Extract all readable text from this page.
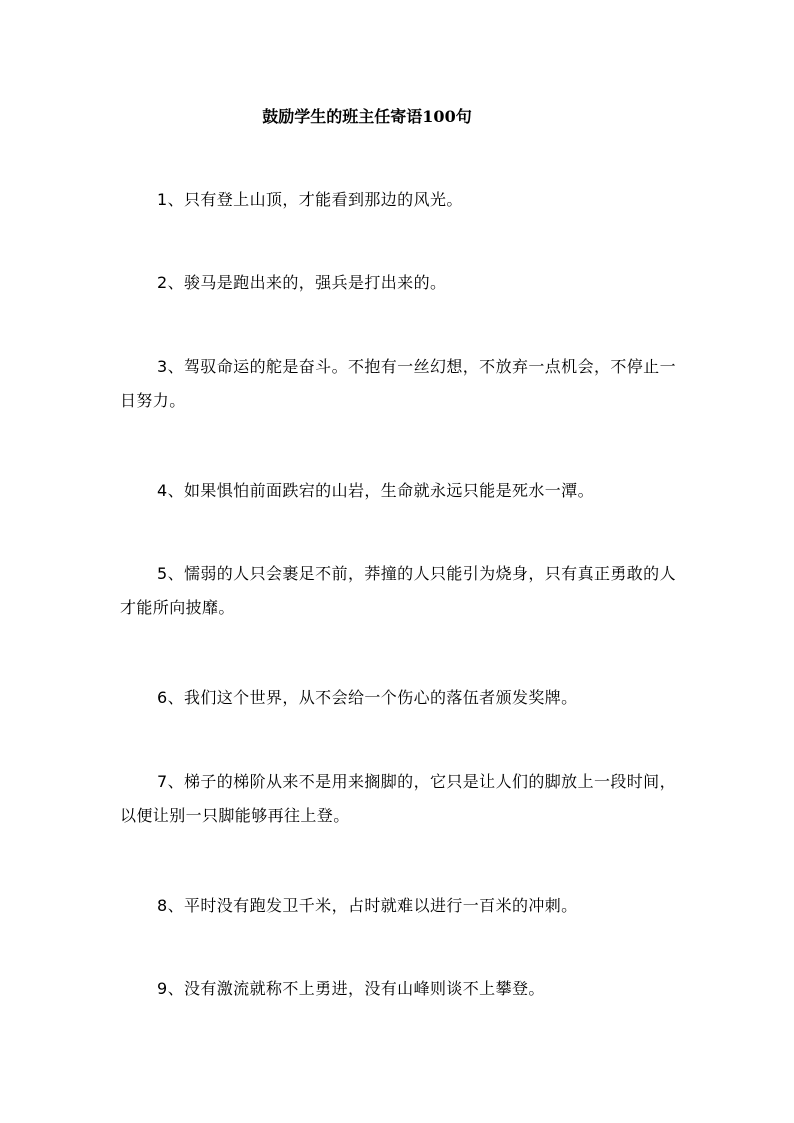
鼓励学生的班主任寄语100句

1、只有登上山顶，才能看到那边的风光。

2、骏马是跑出来的，强兵是打出来的。

3、驾驭命运的舵是奋斗。不抱有一丝幻想，不放弃一点机会，不停止一日努力。

4、如果惧怕前面跌宕的山岩，生命就永远只能是死水一潭。

5、懦弱的人只会裹足不前，莽撞的人只能引为烧身，只有真正勇敢的人才能所向披靡。

6、我们这个世界，从不会给一个伤心的落伍者颁发奖牌。

7、梯子的梯阶从来不是用来搁脚的，它只是让人们的脚放上一段时间，以便让别一只脚能够再往上登。

8、平时没有跑发卫千米，占时就难以进行一百米的冲刺。

9、没有激流就称不上勇进，没有山峰则谈不上攀登。
